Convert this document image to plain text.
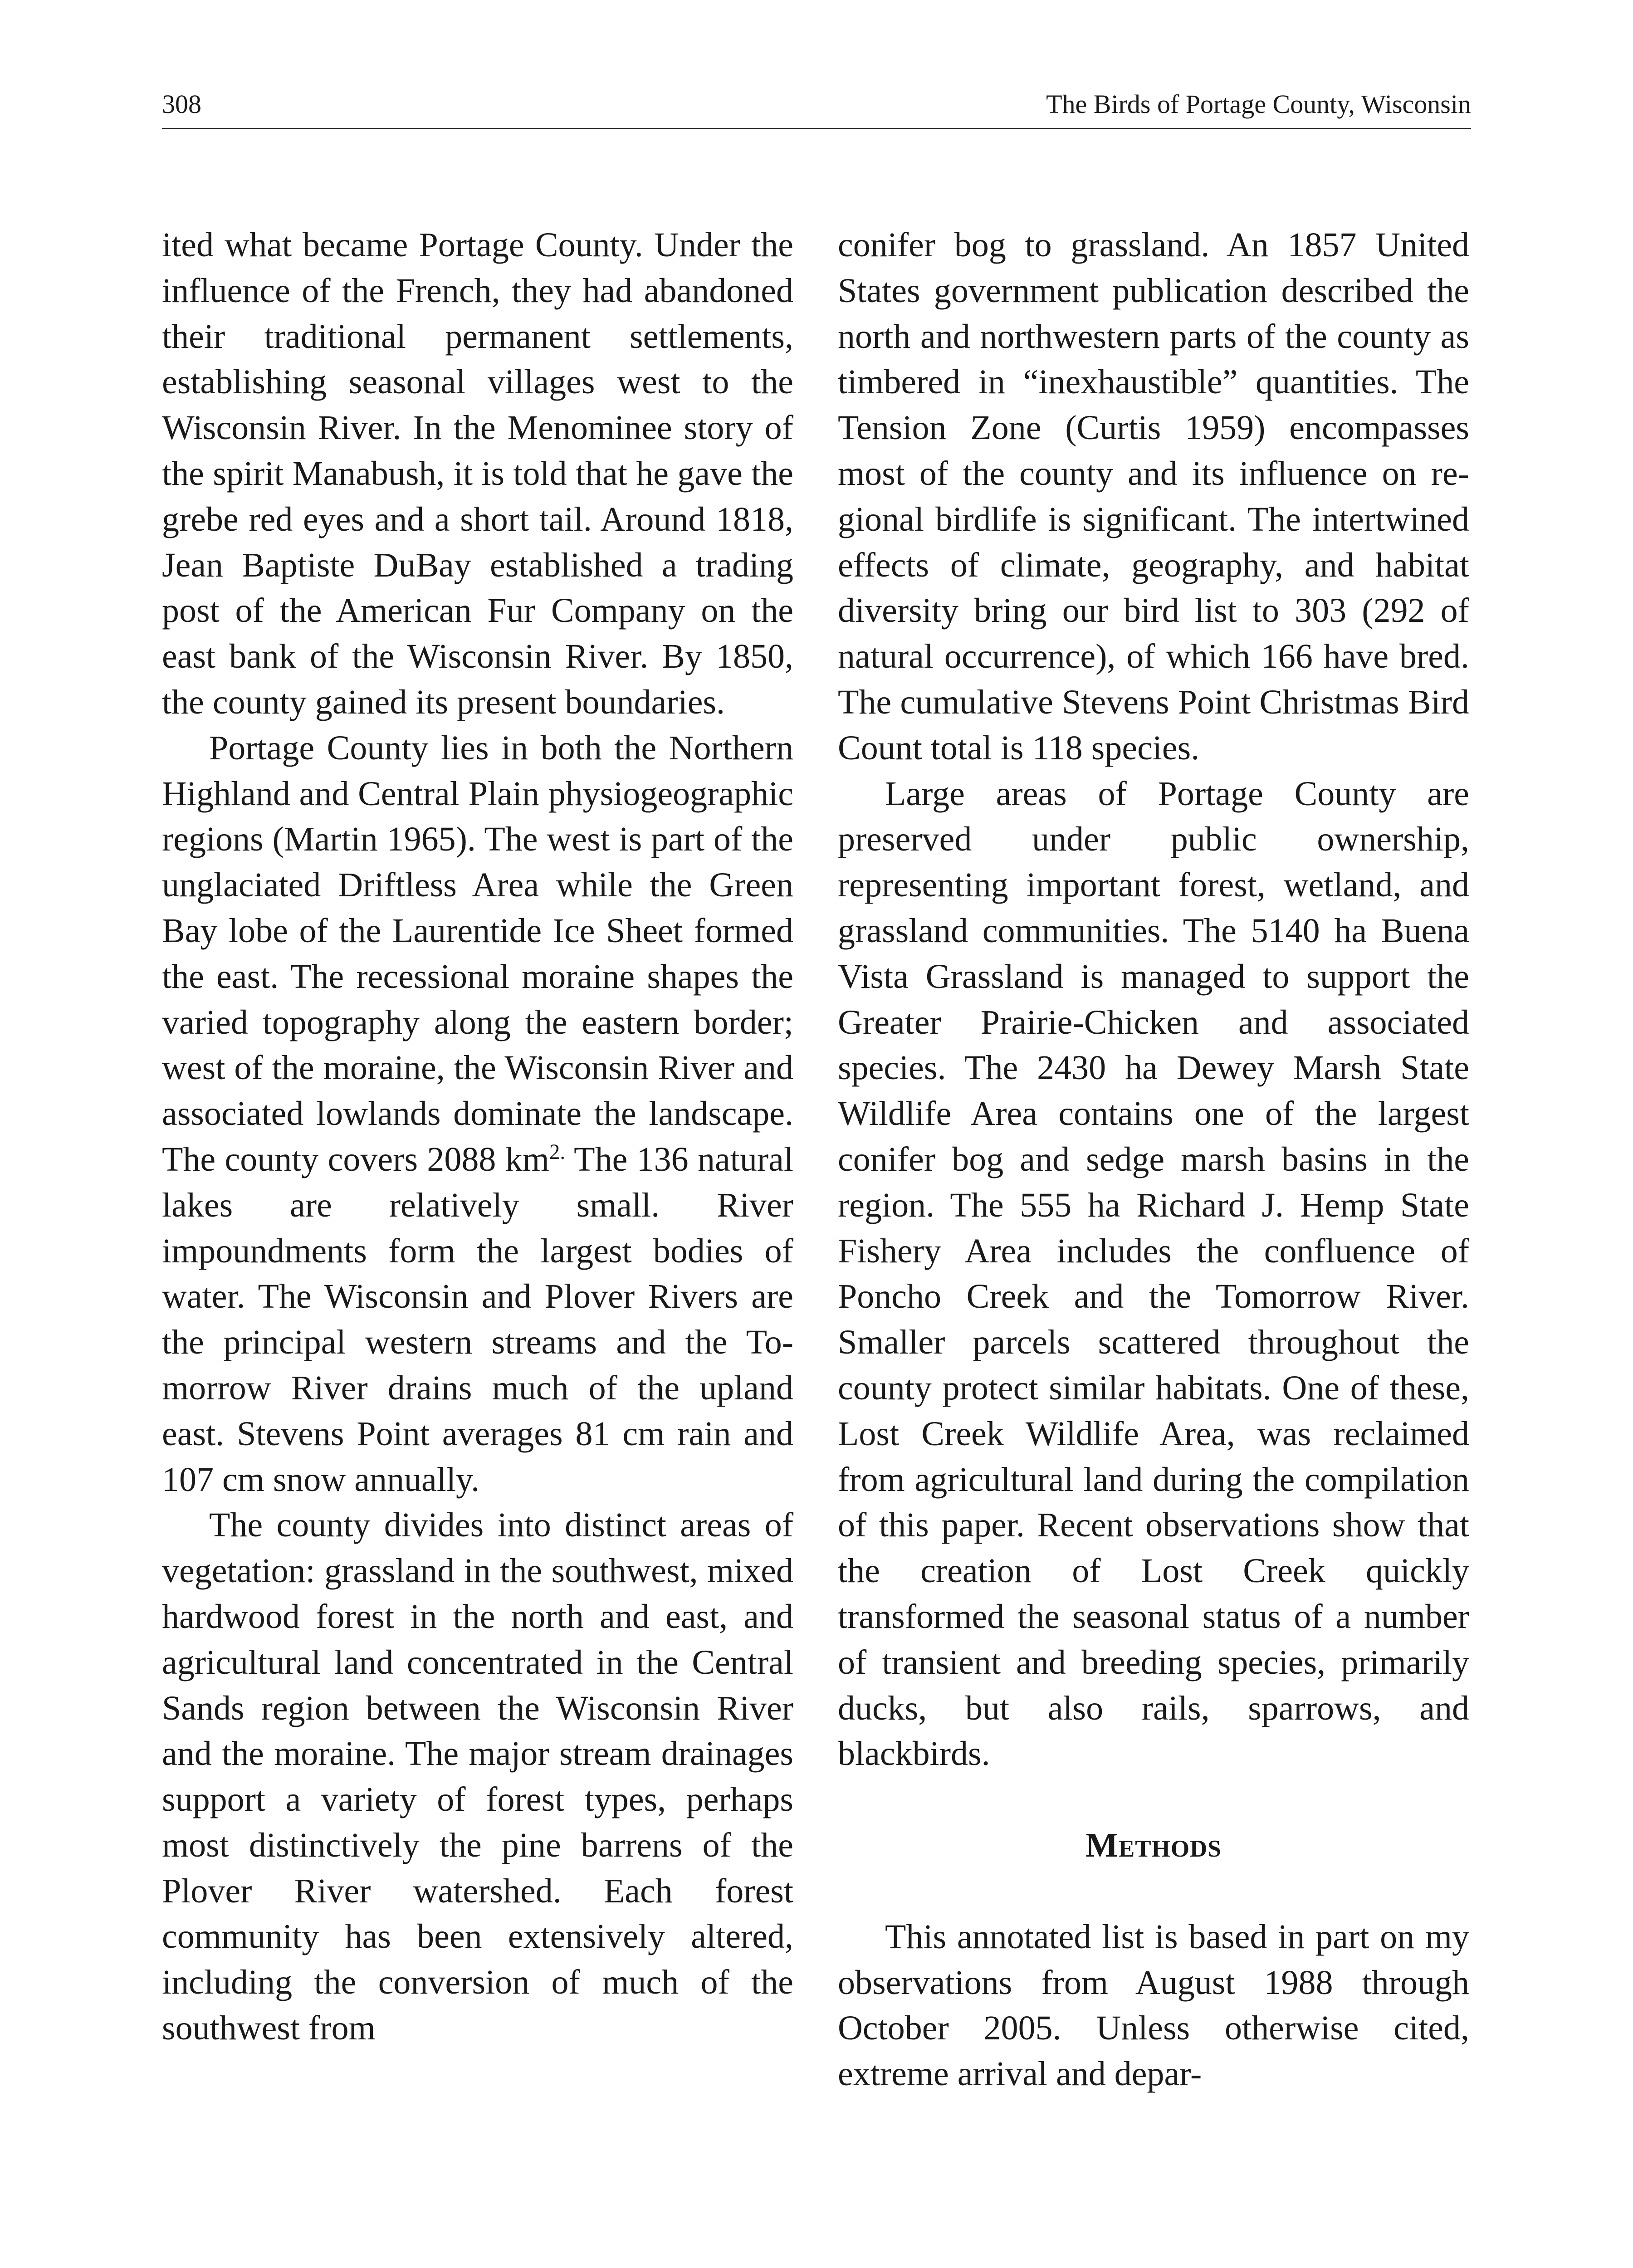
308	The Birds of Portage County, Wisconsin

ited what became Portage County. Under the influence of the French, they had abandoned their traditional permanent settlements, establishing seasonal villages west to the Wisconsin River. In the Menominee story of the spirit Manabush, it is told that he gave the grebe red eyes and a short tail. Around 1818, Jean Baptiste DuBay established a trading post of the American Fur Company on the east bank of the Wisconsin River. By 1850, the county gained its present boundaries.

Portage County lies in both the Northern Highland and Central Plain physiogeographic regions (Martin 1965). The west is part of the unglaciated Driftless Area while the Green Bay lobe of the Laurentide Ice Sheet formed the east. The recessional moraine shapes the varied topography along the eastern border; west of the moraine, the Wisconsin River and associated lowlands dominate the landscape. The county covers 2088 $km^{2.}$ The 136 natural lakes are relatively small. River impoundments form the largest bodies of water. The Wisconsin and Plover Rivers are the principal western streams and the Tomorrow River drains much of the upland east. Stevens Point averages 81 cm rain and 107 cm snow annually.

The county divides into distinct areas of vegetation: grassland in the southwest, mixed hardwood forest in the north and east, and agricultural land concentrated in the Central Sands region between the Wisconsin River and the moraine. The major stream drainages support a variety of forest types, perhaps most distinctively the pine barrens of the Plover River watershed. Each forest community has been extensively altered, including the conversion of much of the southwest from

conifer bog to grassland. An 1857 United States government publication described the north and northwestern parts of the county as timbered in “inexhaustible” quantities. The Tension Zone (Curtis 1959) encompasses most of the county and its influence on regional birdlife is significant. The intertwined effects of climate, geography, and habitat diversity bring our bird list to 303 (292 of natural occurrence), of which 166 have bred. The cumulative Stevens Point Christmas Bird Count total is 118 species.

Large areas of Portage County are preserved under public ownership, representing important forest, wetland, and grassland communities. The 5140 ha Buena Vista Grassland is managed to support the Greater Prairie-Chicken and associated species. The 2430 ha Dewey Marsh State Wildlife Area contains one of the largest conifer bog and sedge marsh basins in the region. The 555 ha Richard J. Hemp State Fishery Area includes the confluence of Poncho Creek and the Tomorrow River. Smaller parcels scattered throughout the county protect similar habitats. One of these, Lost Creek Wildlife Area, was reclaimed from agricultural land during the compilation of this paper. Recent observations show that the creation of Lost Creek quickly transformed the seasonal status of a number of transient and breeding species, primarily ducks, but also rails, sparrows, and blackbirds.

Methods

This annotated list is based in part on my observations from August 1988 through October 2005. Unless otherwise cited, extreme arrival and depar-
